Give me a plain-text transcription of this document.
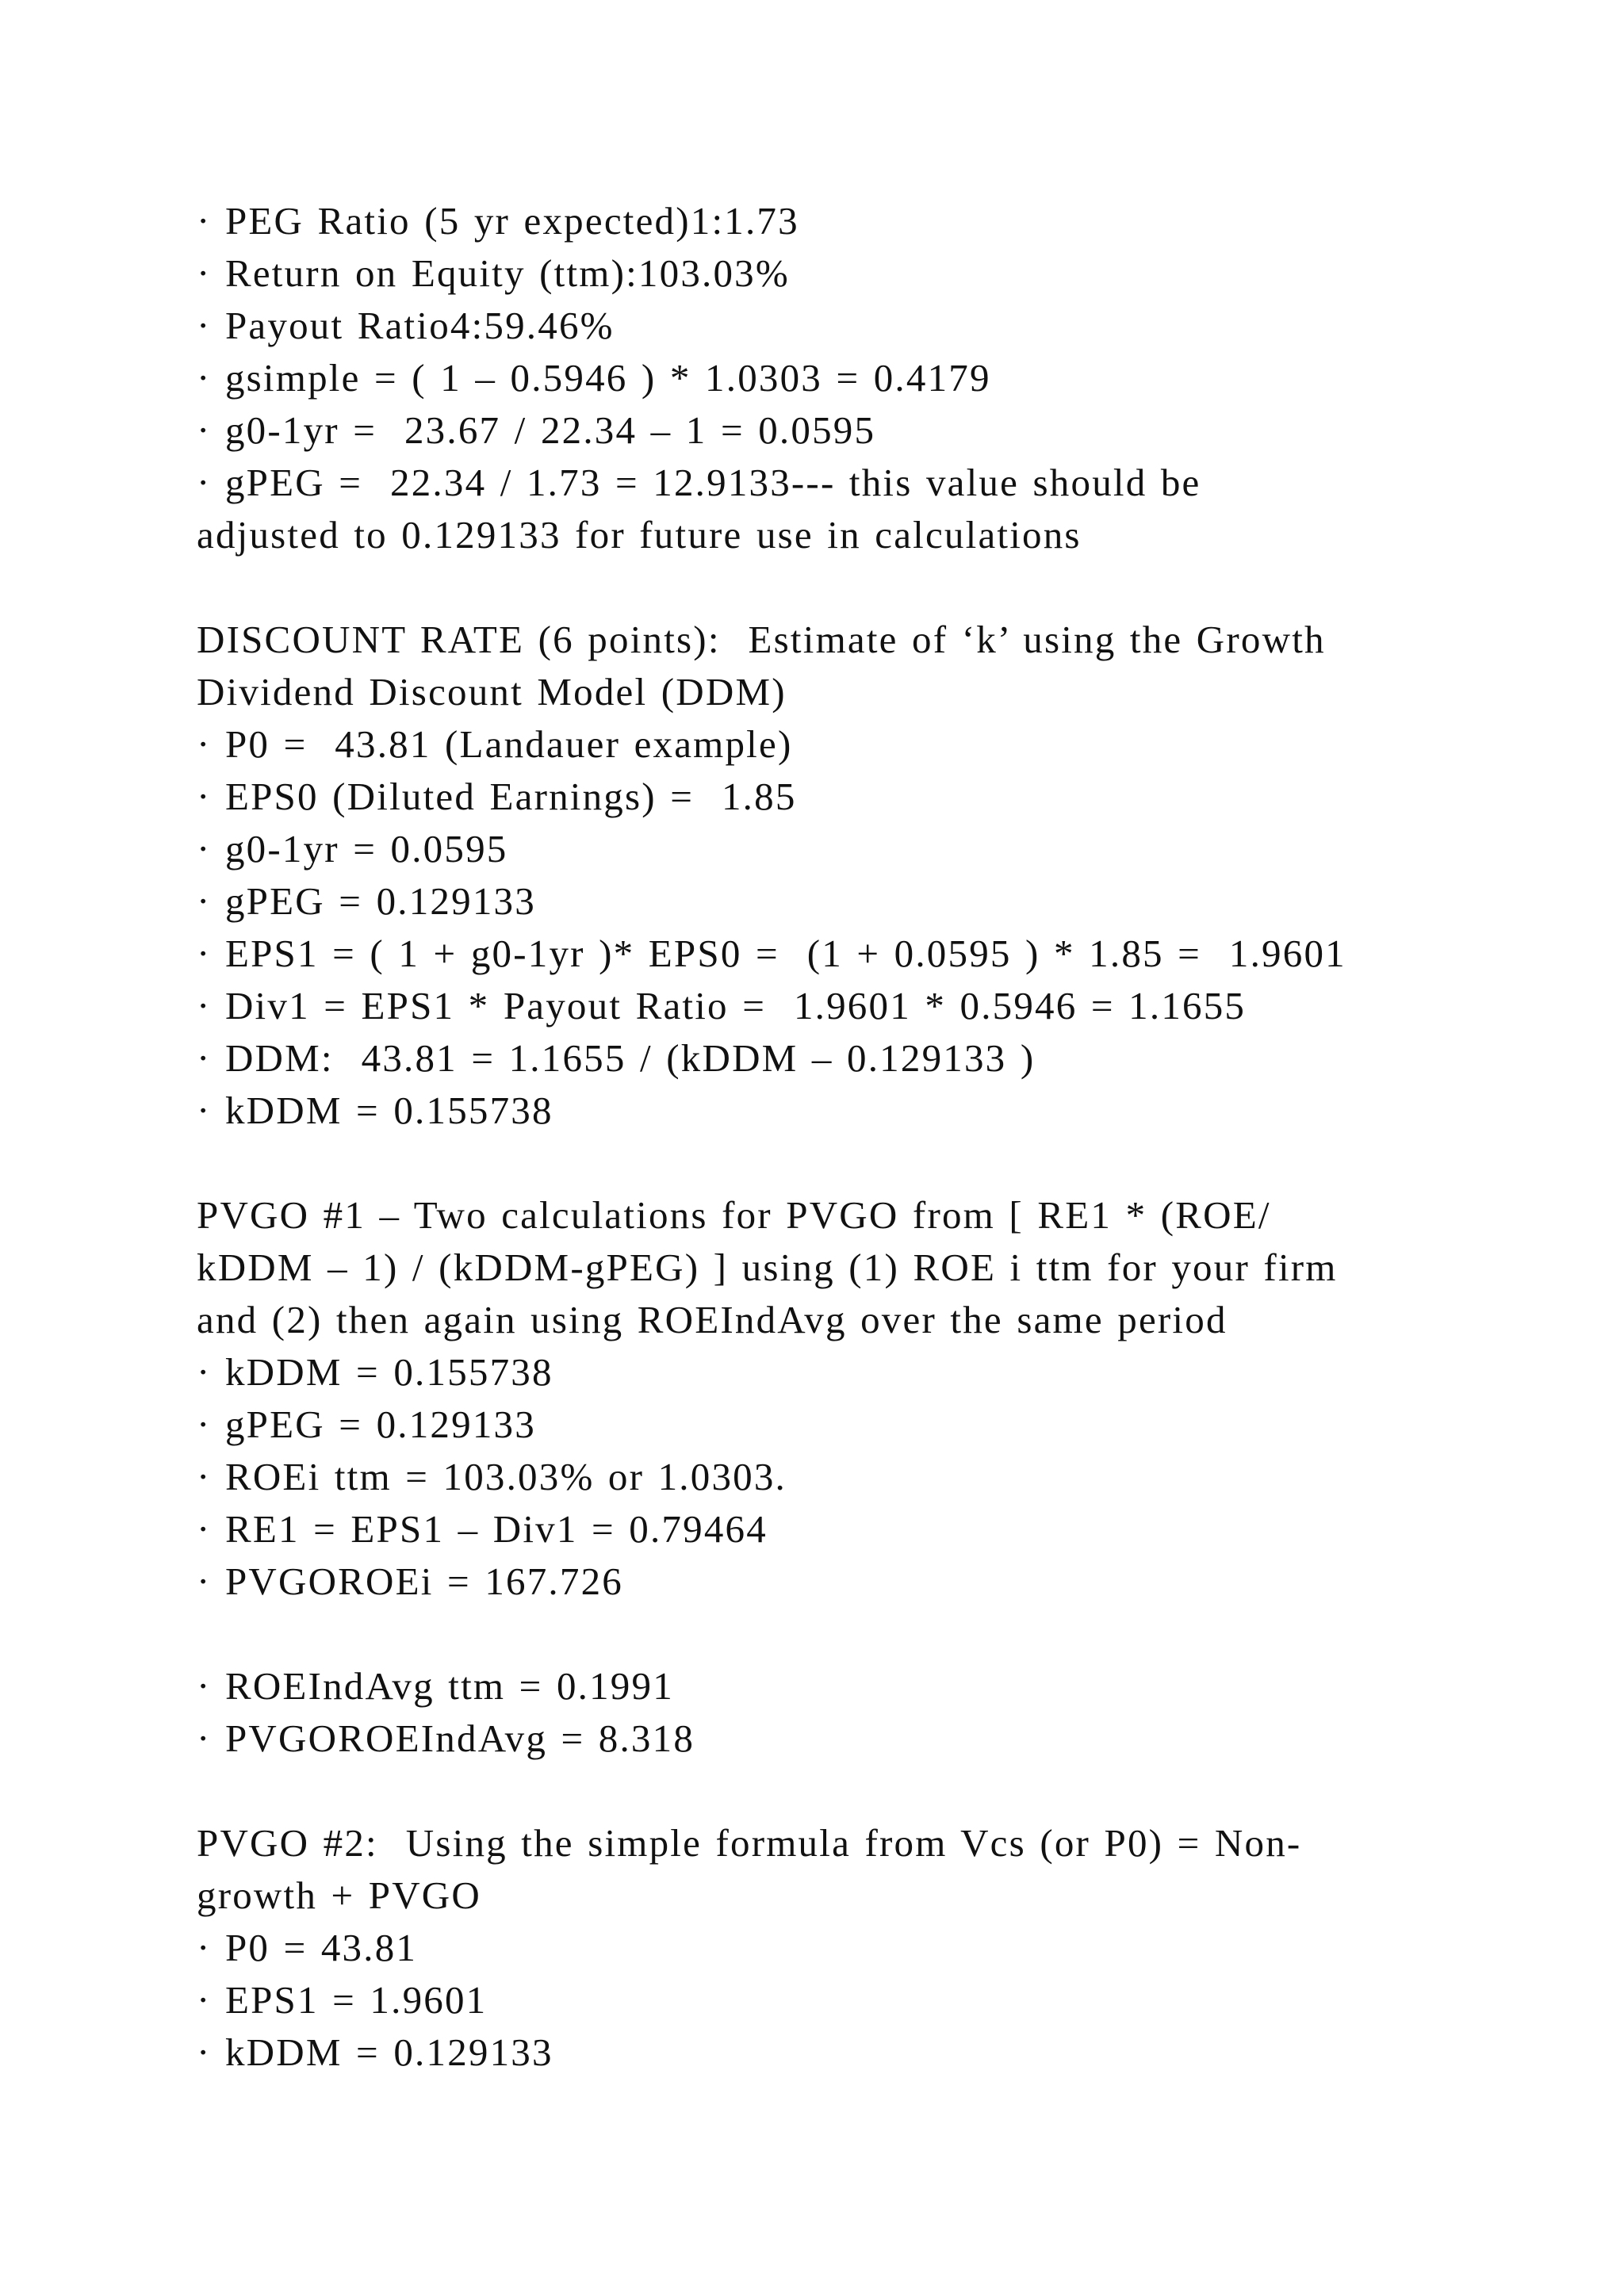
· PEG Ratio (5 yr expected)1:1.73
· Return on Equity (ttm):103.03%
· Payout Ratio4:59.46%
· gsimple = ( 1 – 0.5946 ) * 1.0303 = 0.4179
· g0-1yr =  23.67 / 22.34 – 1 = 0.0595
· gPEG =  22.34 / 1.73 = 12.9133--- this value should be
adjusted to 0.129133 for future use in calculations
DISCOUNT RATE (6 points):  Estimate of ‘k’ using the Growth
Dividend Discount Model (DDM)
· P0 =  43.81 (Landauer example)
· EPS0 (Diluted Earnings) =  1.85
· g0-1yr = 0.0595
· gPEG = 0.129133
· EPS1 = ( 1 + g0-1yr )* EPS0 =  (1 + 0.0595 ) * 1.85 =  1.9601
· Div1 = EPS1 * Payout Ratio =  1.9601 * 0.5946 = 1.1655
· DDM:  43.81 = 1.1655 / (kDDM – 0.129133 )
· kDDM = 0.155738
PVGO #1 – Two calculations for PVGO from [ RE1 * (ROE/
kDDM – 1) / (kDDM-gPEG) ] using (1) ROE i ttm for your firm
and (2) then again using ROEIndAvg over the same period
· kDDM = 0.155738
· gPEG = 0.129133
· ROEi ttm = 103.03% or 1.0303.
· RE1 = EPS1 – Div1 = 0.79464
· PVGOROEi = 167.726
· ROEIndAvg ttm = 0.1991
· PVGOROEIndAvg = 8.318
PVGO #2:  Using the simple formula from Vcs (or P0) = Non-
growth + PVGO
· P0 = 43.81
· EPS1 = 1.9601
· kDDM = 0.129133
